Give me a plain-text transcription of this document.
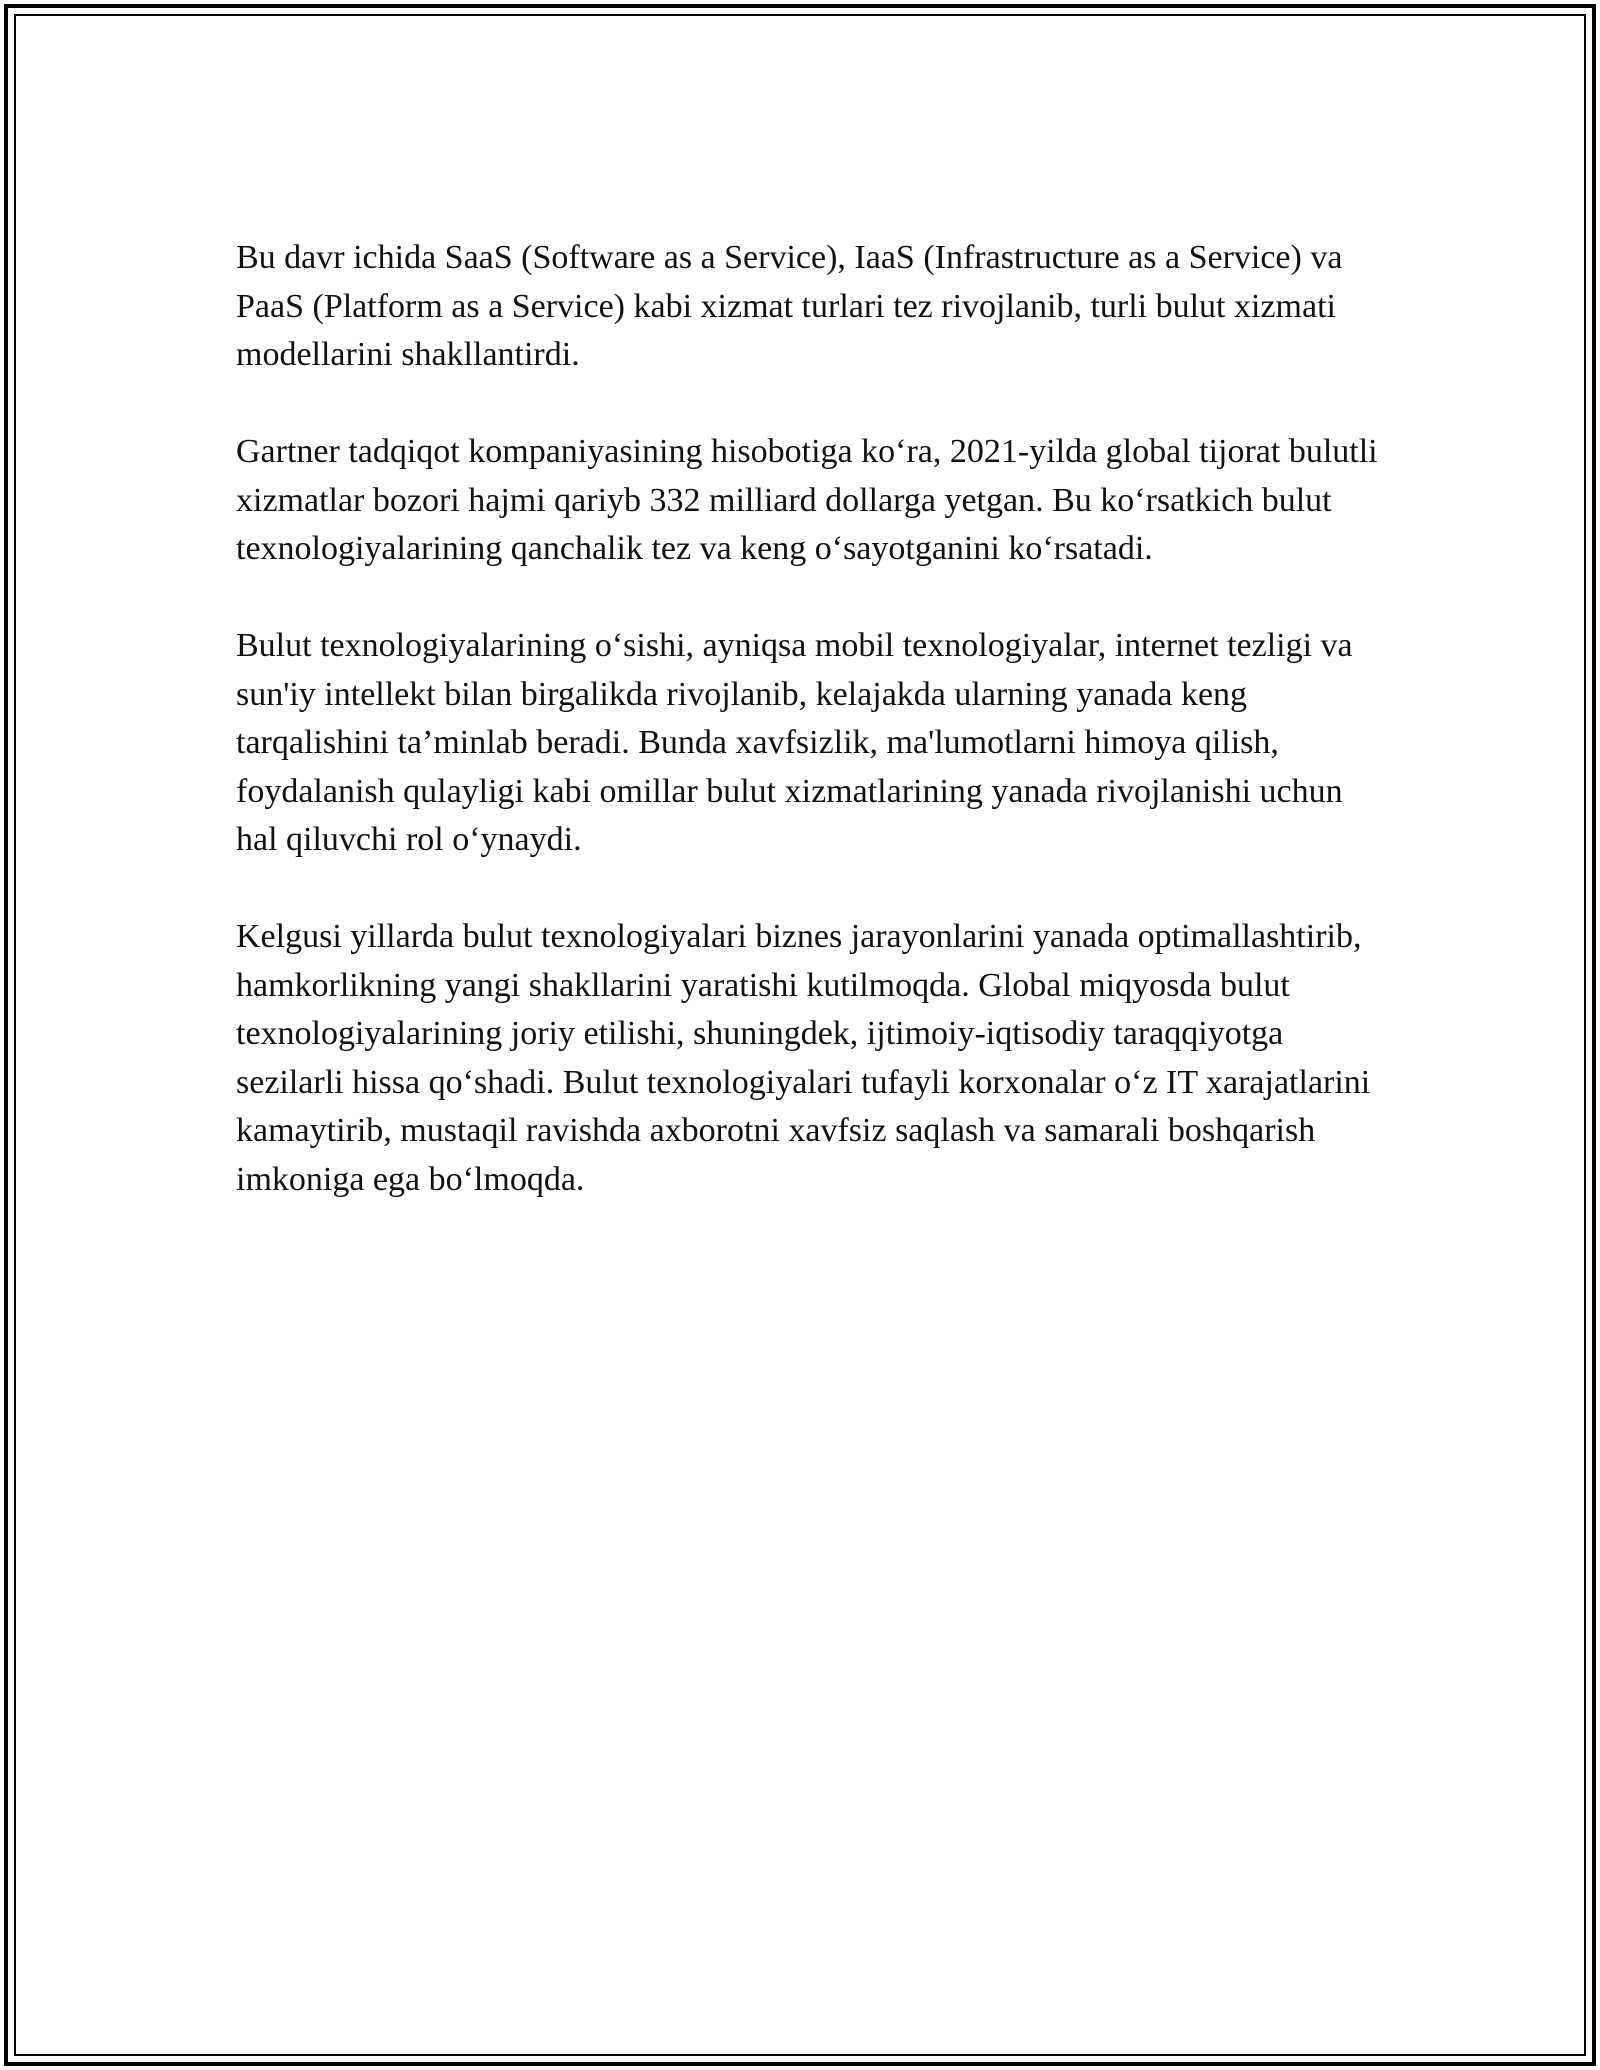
Bu davr ichida SaaS (Software as a Service), IaaS (Infrastructure as a Service) va PaaS (Platform as a Service) kabi xizmat turlari tez rivojlanib, turli bulut xizmati modellarini shakllantirdi.

Gartner tadqiqot kompaniyasining hisobotiga ko‘ra, 2021-yilda global tijorat bulutli xizmatlar bozori hajmi qariyb 332 milliard dollarga yetgan. Bu ko‘rsatkich bulut texnologiyalarining qanchalik tez va keng o‘sayotganini ko‘rsatadi.

Bulut texnologiyalarining o‘sishi, ayniqsa mobil texnologiyalar, internet tezligi va sun'iy intellekt bilan birgalikda rivojlanib, kelajakda ularning yanada keng tarqalishini ta’minlab beradi. Bunda xavfsizlik, ma'lumotlarni himoya qilish, foydalanish qulayligi kabi omillar bulut xizmatlarining yanada rivojlanishi uchun hal qiluvchi rol o‘ynaydi.

Kelgusi yillarda bulut texnologiyalari biznes jarayonlarini yanada optimallashtirib, hamkorlikning yangi shakllarini yaratishi kutilmoqda. Global miqyosda bulut texnologiyalarining joriy etilishi, shuningdek, ijtimoiy-iqtisodiy taraqqiyotga sezilarli hissa qo‘shadi. Bulut texnologiyalari tufayli korxonalar o‘z IT xarajatlarini kamaytirib, mustaqil ravishda axborotni xavfsiz saqlash va samarali boshqarish imkoniga ega bo‘lmoqda.
